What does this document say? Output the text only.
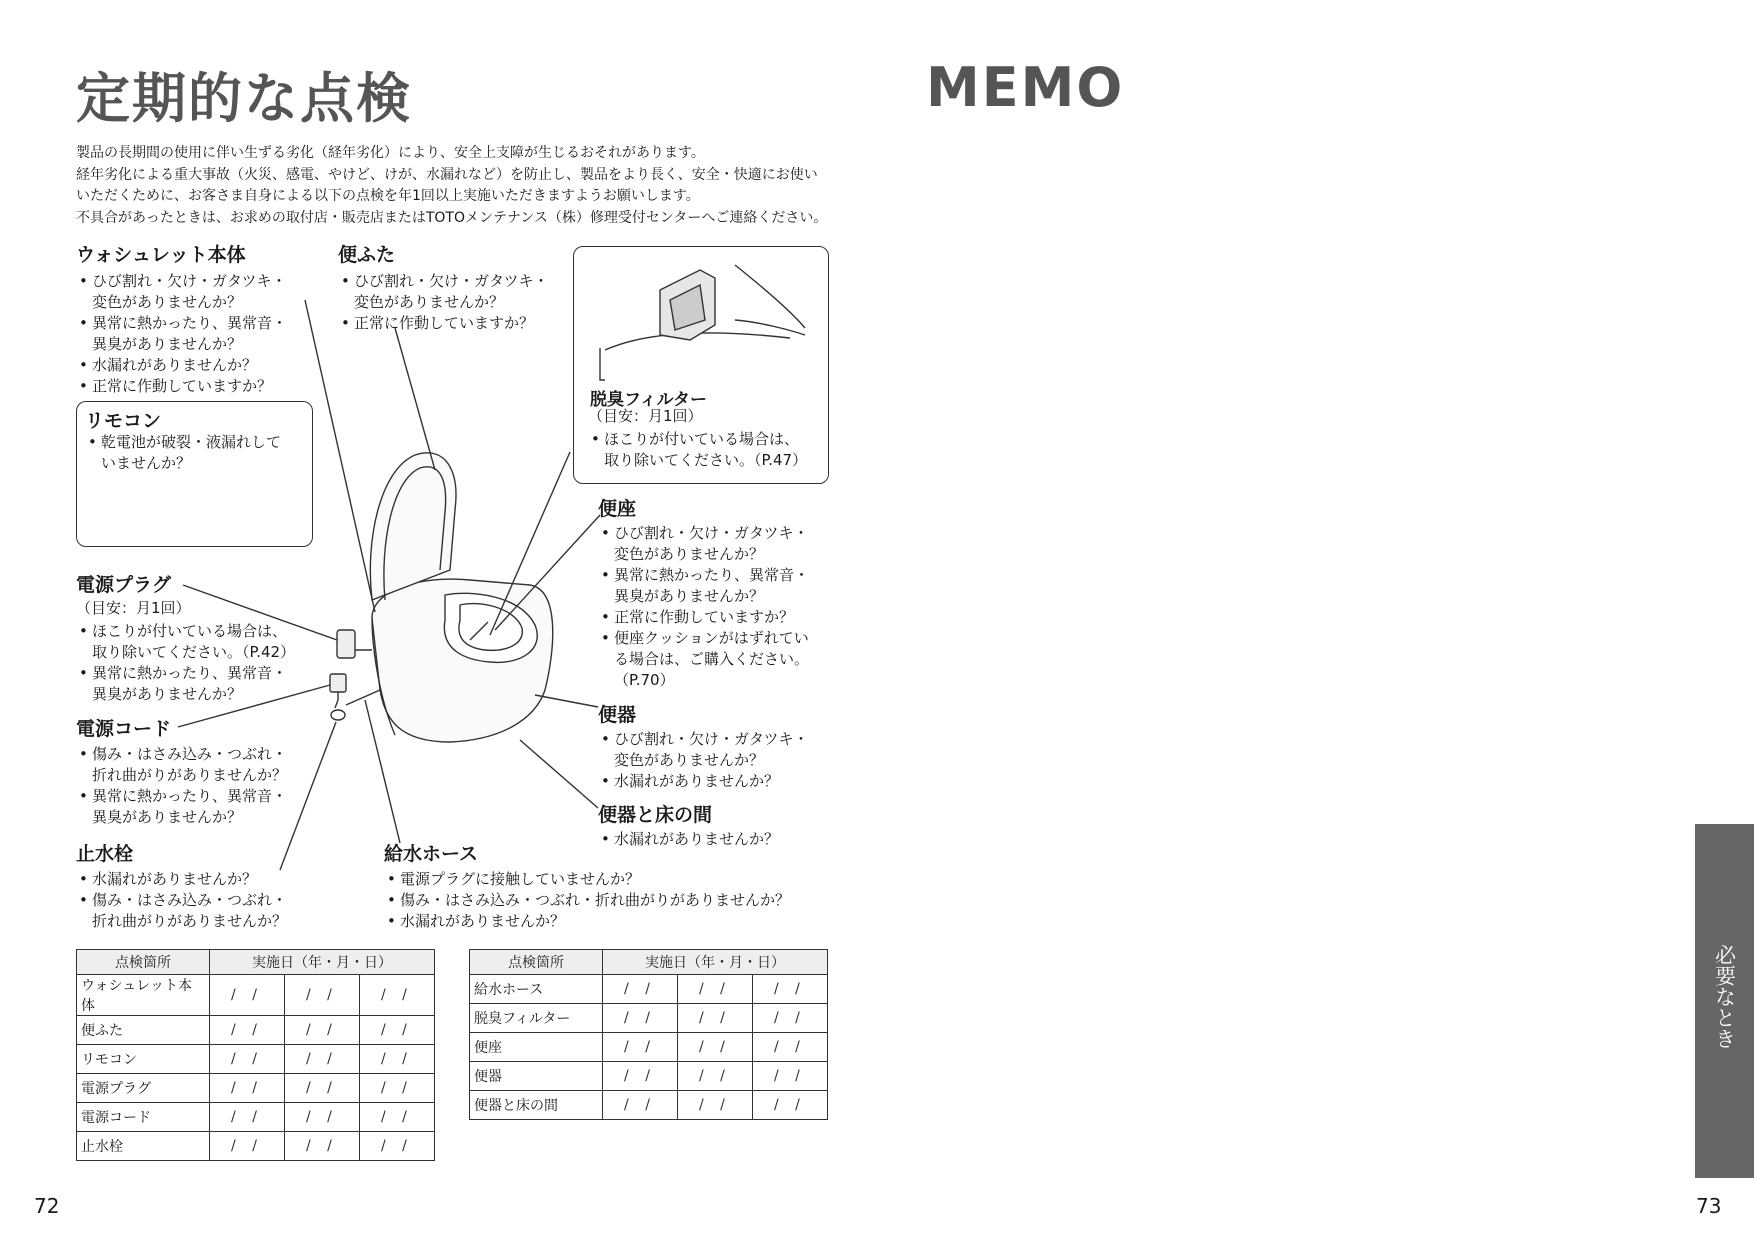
定期的な点検

製品の長期間の使用に伴い生ずる劣化（経年劣化）により、安全上支障が生じるおそれがあります。

経年劣化による重大事故（火災、感電、やけど、けが、水漏れなど）を防止し、製品をより長く、安全・快適にお使い

いただくために、お客さま自身による以下の点検を年1回以上実施いただきますようお願いします。

不具合があったときは、お求めの取付店・販売店またはTOTOメンテナンス（株）修理受付センターへご連絡ください。

ウォシュレット本体
• ひび割れ・欠け・ガタツキ・
変色がありませんか？
• 異常に熱かったり、異常音・
異臭がありませんか？
• 水漏れがありませんか？
• 正常に作動していますか？
便ふた
• ひび割れ・欠け・ガタツキ・
変色がありませんか？
• 正常に作動していますか？
リモコン
• 乾電池が破裂・液漏れして
いませんか？
脱臭フィルター
（目安：月1回）
• ほこりが付いている場合は、
取り除いてください。（P.47）
便座
• ひび割れ・欠け・ガタツキ・
変色がありませんか？
• 異常に熱かったり、異常音・
異臭がありませんか？
• 正常に作動していますか？
• 便座クッションがはずれてい
る場合は、ご購入ください。
（P.70）
電源プラグ
（目安：月1回）
• ほこりが付いている場合は、
取り除いてください。（P.42）
• 異常に熱かったり、異常音・
異臭がありませんか？
電源コード
• 傷み・はさみ込み・つぶれ・
折れ曲がりがありませんか？
• 異常に熱かったり、異常音・
異臭がありませんか？
便器
• ひび割れ・欠け・ガタツキ・
変色がありませんか？
• 水漏れがありませんか？
便器と床の間
• 水漏れがありませんか？
止水栓
• 水漏れがありませんか？
• 傷み・はさみ込み・つぶれ・
折れ曲がりがありませんか？
給水ホース
• 電源プラグに接触していませんか？
• 傷み・はさみ込み・つぶれ・折れ曲がりがありませんか？
• 水漏れがありませんか？
点検箇所	実施日（年・月・日）		
ウォシュレット本体	/ /	/ /	/ /
便ふた	/ /	/ /	/ /
リモコン	/ /	/ /	/ /
電源プラグ	/ /	/ /	/ /
電源コード	/ /	/ /	/ /
止水栓	/ /	/ /	/ /
点検箇所	実施日（年・月・日）		
給水ホース	/ /	/ /	/ /
脱臭フィルター	/ /	/ /	/ /
便座	/ /	/ /	/ /
便器	/ /	/ /	/ /
便器と床の間	/ /	/ /	/ /
72
MEMO
必要なとき
73
